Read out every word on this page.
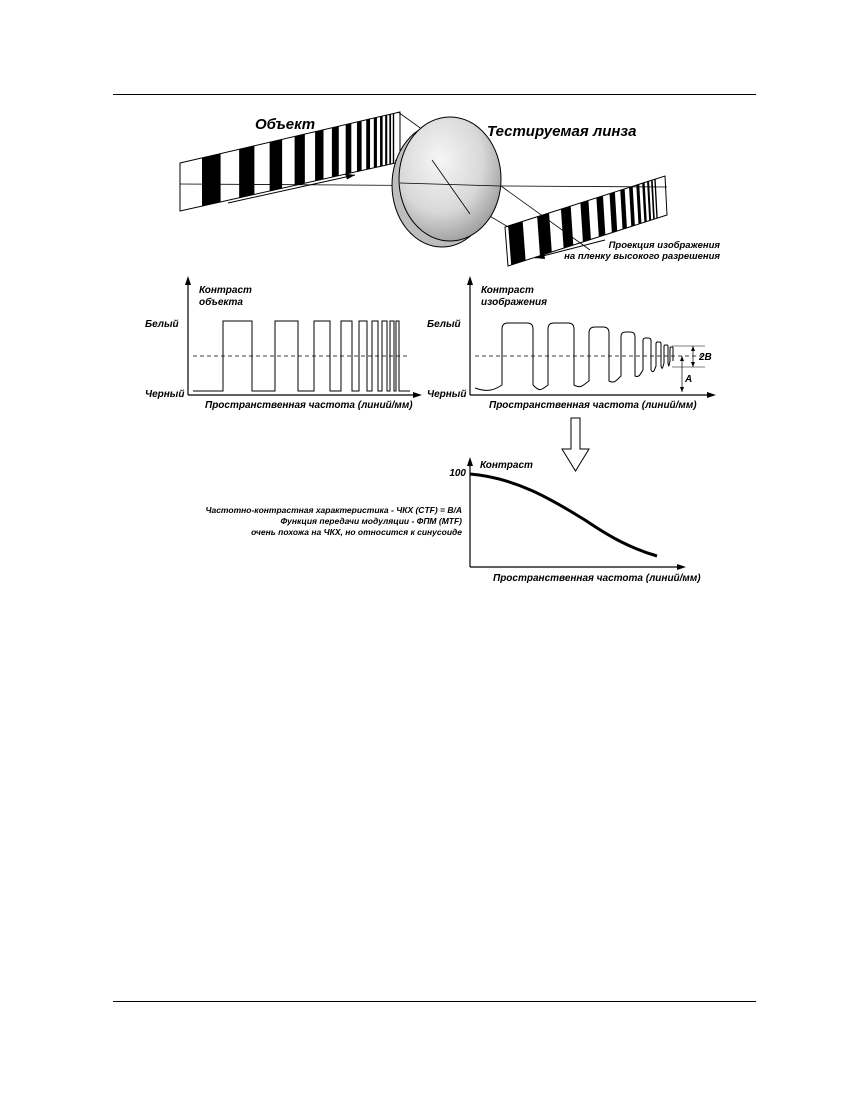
Объект	Тестируемая линза
Проекция изображения
на пленку высокого разрешения
Контраст
объекта
Белый
Черный
Пространственная частота (линий/мм)
2B
A
Контраст
изображения
Белый
Черный
Пространственная частота (линий/мм)
100
Контраст
Пространственная частота (линий/мм)
Частотно-контрастная характеристика - ЧКХ (CTF) = B/A
Функция передачи модуляции - ФПМ (MTF)
очень похожа на ЧКХ, но относится к синусоиде
